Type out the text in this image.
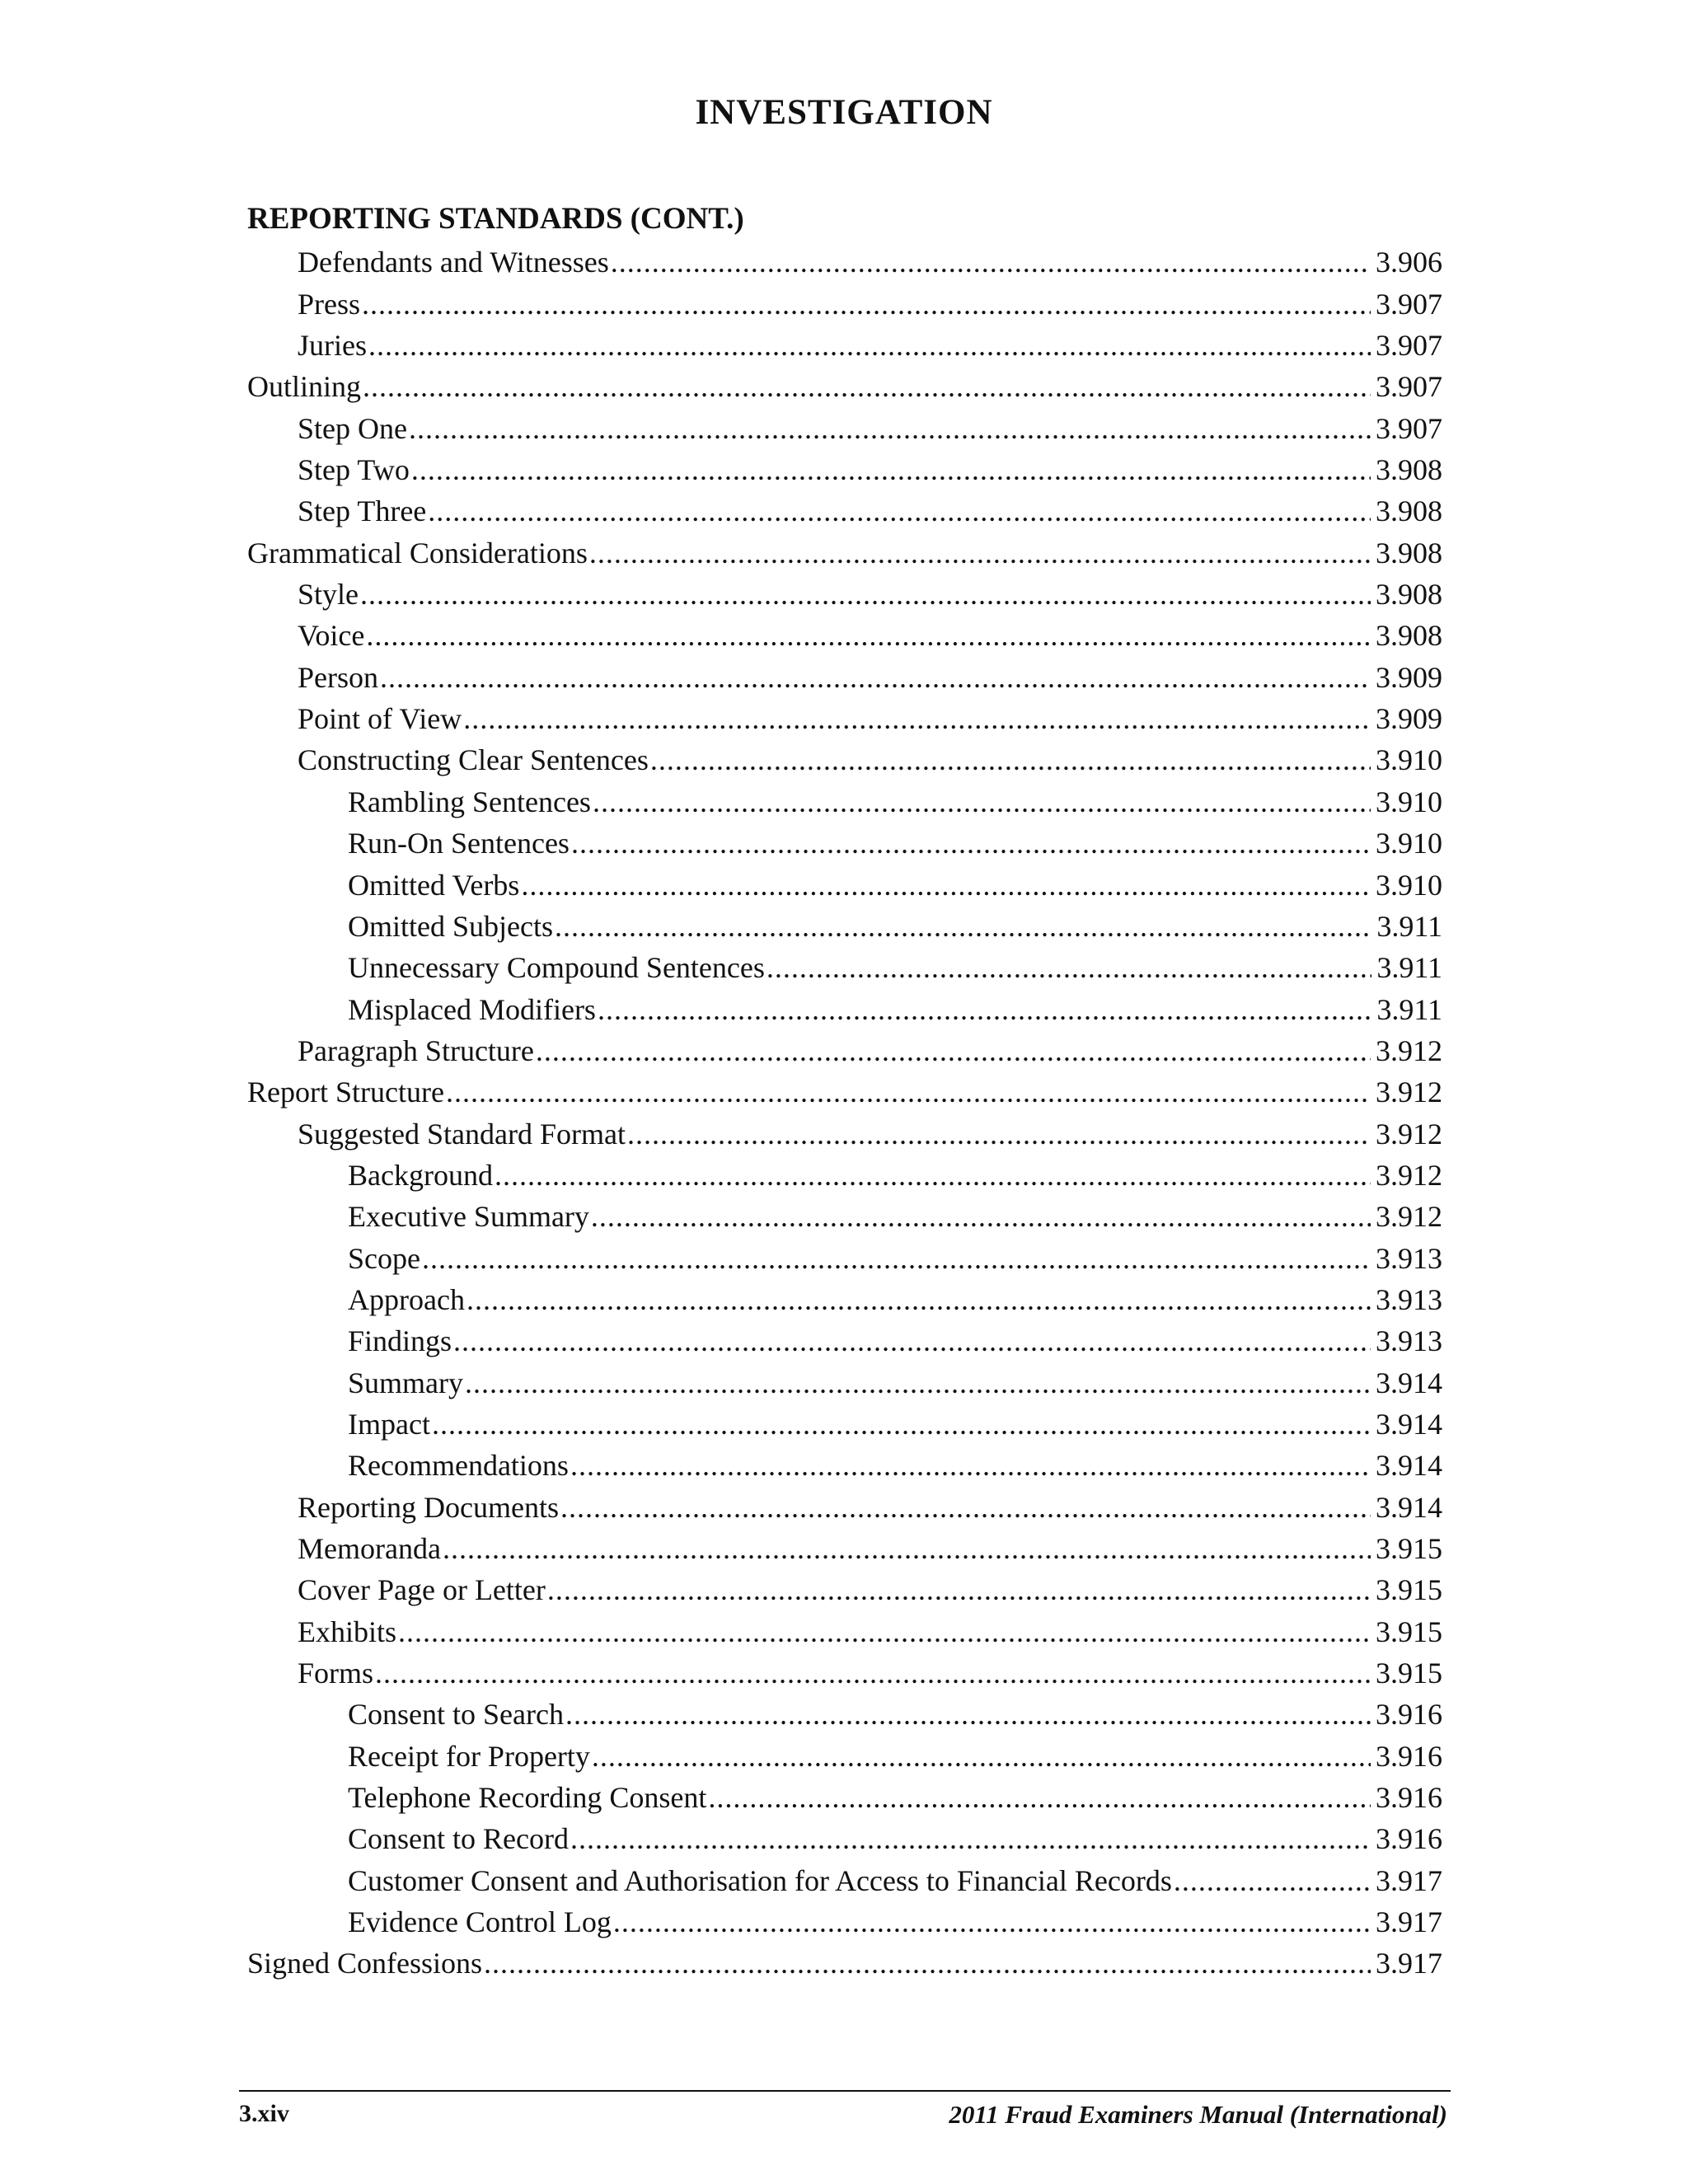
INVESTIGATION
REPORTING STANDARDS (CONT.)
Defendants and Witnesses .....	3.906
Press .....	3.907
Juries .....	3.907
Outlining .....	3.907
Step One .....	3.907
Step Two .....	3.908
Step Three .....	3.908
Grammatical Considerations .....	3.908
Style .....	3.908
Voice .....	3.908
Person .....	3.909
Point of View .....	3.909
Constructing Clear Sentences .....	3.910
Rambling Sentences .....	3.910
Run-On Sentences .....	3.910
Omitted Verbs .....	3.910
Omitted Subjects .....	3.911
Unnecessary Compound Sentences .....	3.911
Misplaced Modifiers .....	3.911
Paragraph Structure .....	3.912
Report Structure .....	3.912
Suggested Standard Format .....	3.912
Background .....	3.912
Executive Summary .....	3.912
Scope .....	3.913
Approach .....	3.913
Findings .....	3.913
Summary .....	3.914
Impact .....	3.914
Recommendations .....	3.914
Reporting Documents .....	3.914
Memoranda .....	3.915
Cover Page or Letter .....	3.915
Exhibits .....	3.915
Forms .....	3.915
Consent to Search .....	3.916
Receipt for Property .....	3.916
Telephone Recording Consent .....	3.916
Consent to Record .....	3.916
Customer Consent and Authorisation for Access to Financial Records .....	3.917
Evidence Control Log .....	3.917
Signed Confessions .....	3.917
3.xiv	2011 Fraud Examiners Manual (International)
